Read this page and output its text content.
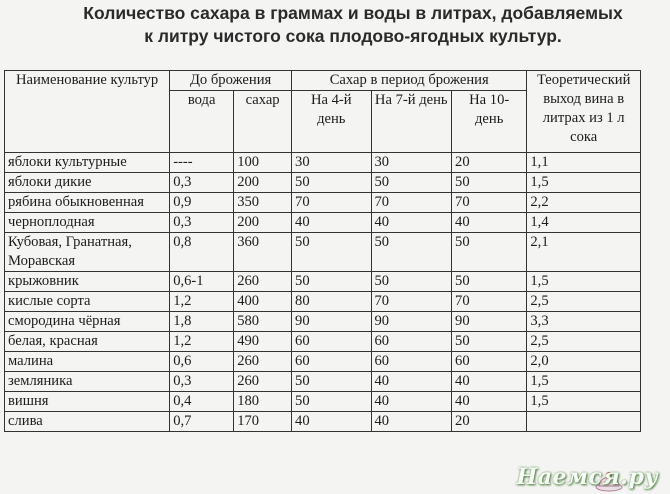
Количество сахара в граммах и воды в литрах, добавляемых
к литру чистого сока плодово-ягодных культур.
Наименование культур	До брожения		Сахар в период брожения			Теоретический выход вина в литрах из 1 л сока
	вода	сахар	На 4-й день	На 7-й день	На 10-день	
яблоки культурные	----	100	30	30	20	1,1
яблоки дикие	0,3	200	50	50	50	1,5
рябина обыкновенная	0,9	350	70	70	70	2,2
черноплодная	0,3	200	40	40	40	1,4
Кубовая, Гранатная, Моравская	0,8	360	50	50	50	2,1
крыжовник	0,6-1	260	50	50	50	1,5
кислые сорта	1,2	400	80	70	70	2,5
смородина чёрная	1,8	580	90	90	90	3,3
белая, красная	1,2	490	60	60	50	2,5
малина	0,6	260	60	60	60	2,0
земляника	0,3	260	50	40	40	1,5
вишня	0,4	180	50	40	40	1,5
слива	0,7	170	40	40	20	
Наемся.ру
